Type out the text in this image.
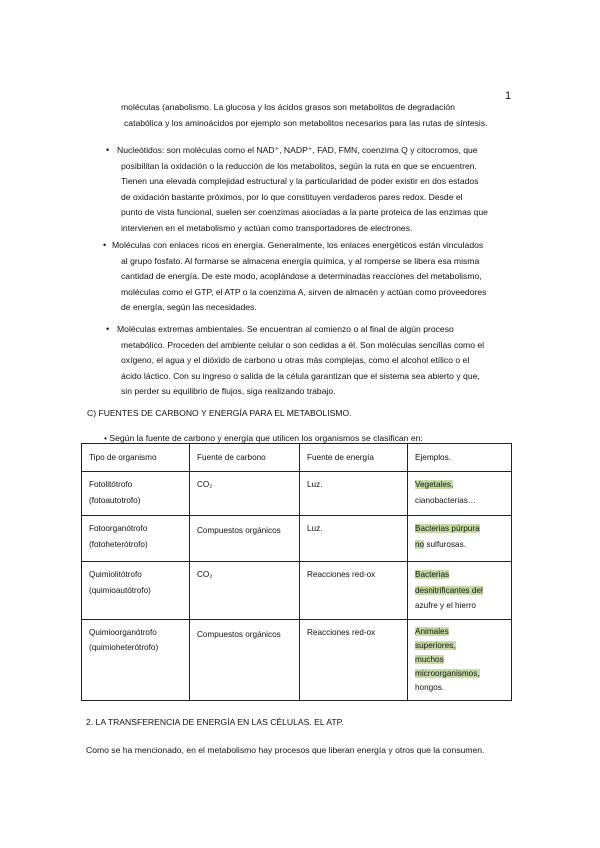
1
moléculas (anabolismo. La glucosa y los ácidos grasos son metabolitos de degradación
catabólica y los aminoácidos por ejemplo son metabolitos necesarios para las rutas de síntesis.
• Nucleótidos: son moléculas como el NAD⁺, NADP⁺, FAD, FMN, coenzima Q y citocromos, que
posibilitan la oxidación o la reducción de los metabolitos, según la ruta en que se encuentren.
Tienen una elevada complejidad estructural y la particularidad de poder existir en dos estados
de oxidación bastante próximos, por lo que constituyen verdaderos pares redox. Desde el
punto de vista funcional, suelen ser coenzimas asociadas a la parte proteica de las enzimas que
intervienen en el metabolismo y actúan como transportadores de electrones.
• Moléculas con enlaces ricos en energía. Generalmente, los enlaces energéticos están vinculados
al grupo fosfato. Al formarse se almacena energía química, y al romperse se libera esa misma
cantidad de energía. De este modo, acoplándose a determinadas reacciones del metabolismo,
moléculas como el GTP, el ATP o la coenzima A, sirven de almacén y actúan como proveedores
de energía, según las necesidades.
• Moléculas extremas ambientales. Se encuentran al comienzo o al final de algún proceso
metabólico. Proceden del ambiente celular o son cedidas a él. Son moléculas sencillas como el
oxígeno, el agua y el dióxido de carbono u otras más complejas, como el alcohol etílico o el
ácido láctico. Con su ingreso o salida de la célula garantizan que el sistema sea abierto y que,
sin perder su equilibrio de flujos, siga realizando trabajo.
C) FUENTES DE CARBONO Y ENERGÍA PARA EL METABOLISMO.
• Según la fuente de carbono y energía que utilicen los organismos se clasifican en:
Tipo de organismo	Fuente de carbono	Fuente de energía	Ejemplos.

Fotolitótrofo
(fotoautotrofo)	CO₂	Luz.	Vegetales,
cianobacterias…

Fotoorganótrofo
(fotoheterótrofo)	Compuestos orgánicos	Luz.	Bacterias púrpura
no sulfurosas.

Quimiolitótrofo
(quimioautótrofo)	CO₂	Reacciones red-ox	Bacterias
desnitrificantes del
azufre y el hierro

Quimioorganótrofo
(quimioheterótrofo)	Compuestos orgánicos	Reacciones red-ox	Animales
superiores,
muchos
microorganismos,
hongos.
2. LA TRANSFERENCIA DE ENERGÍA EN LAS CÉLULAS. EL ATP.
Como se ha mencionado, en el metabolismo hay procesos que liberan energía y otros que la consumen.
